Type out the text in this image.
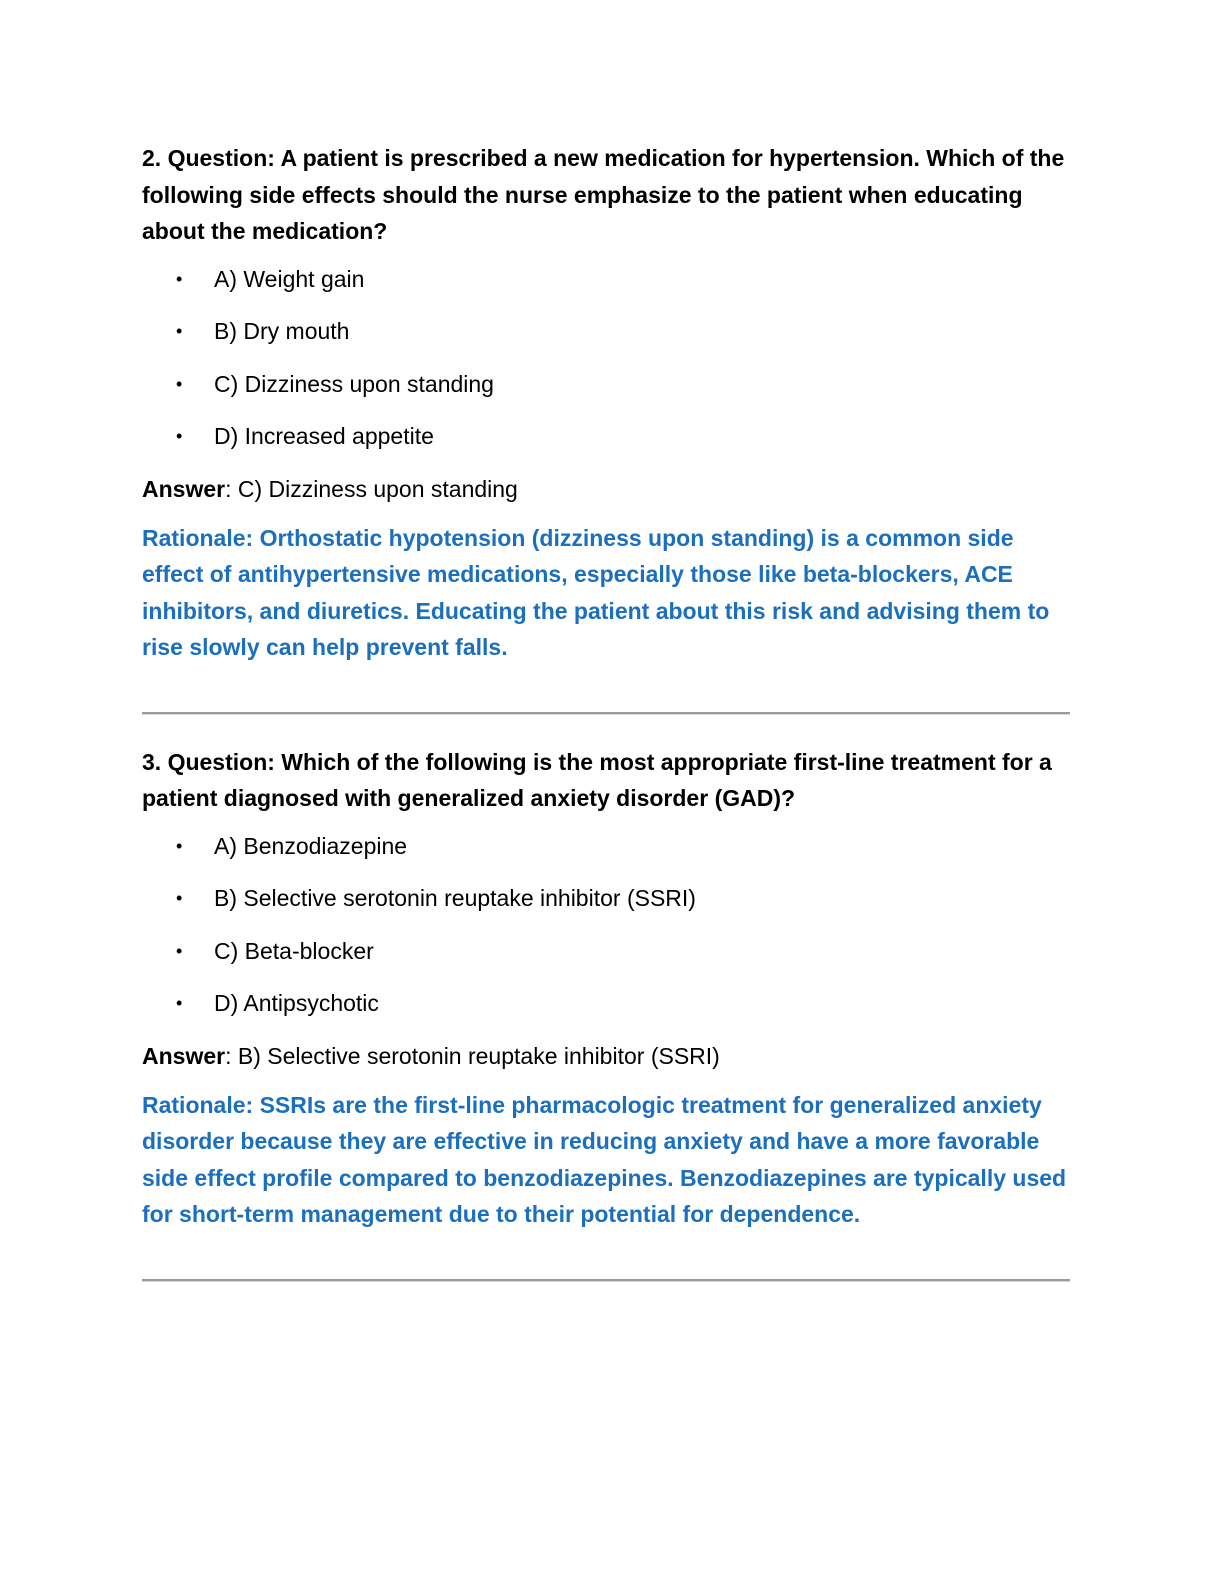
2. Question: A patient is prescribed a new medication for hypertension. Which of the following side effects should the nurse emphasize to the patient when educating about the medication?

• A) Weight gain
• B) Dry mouth
• C) Dizziness upon standing
• D) Increased appetite

Answer: C) Dizziness upon standing

Rationale: Orthostatic hypotension (dizziness upon standing) is a common side effect of antihypertensive medications, especially those like beta-blockers, ACE inhibitors, and diuretics. Educating the patient about this risk and advising them to rise slowly can help prevent falls.

3. Question: Which of the following is the most appropriate first-line treatment for a patient diagnosed with generalized anxiety disorder (GAD)?

• A) Benzodiazepine
• B) Selective serotonin reuptake inhibitor (SSRI)
• C) Beta-blocker
• D) Antipsychotic

Answer: B) Selective serotonin reuptake inhibitor (SSRI)

Rationale: SSRIs are the first-line pharmacologic treatment for generalized anxiety disorder because they are effective in reducing anxiety and have a more favorable side effect profile compared to benzodiazepines. Benzodiazepines are typically used for short-term management due to their potential for dependence.
